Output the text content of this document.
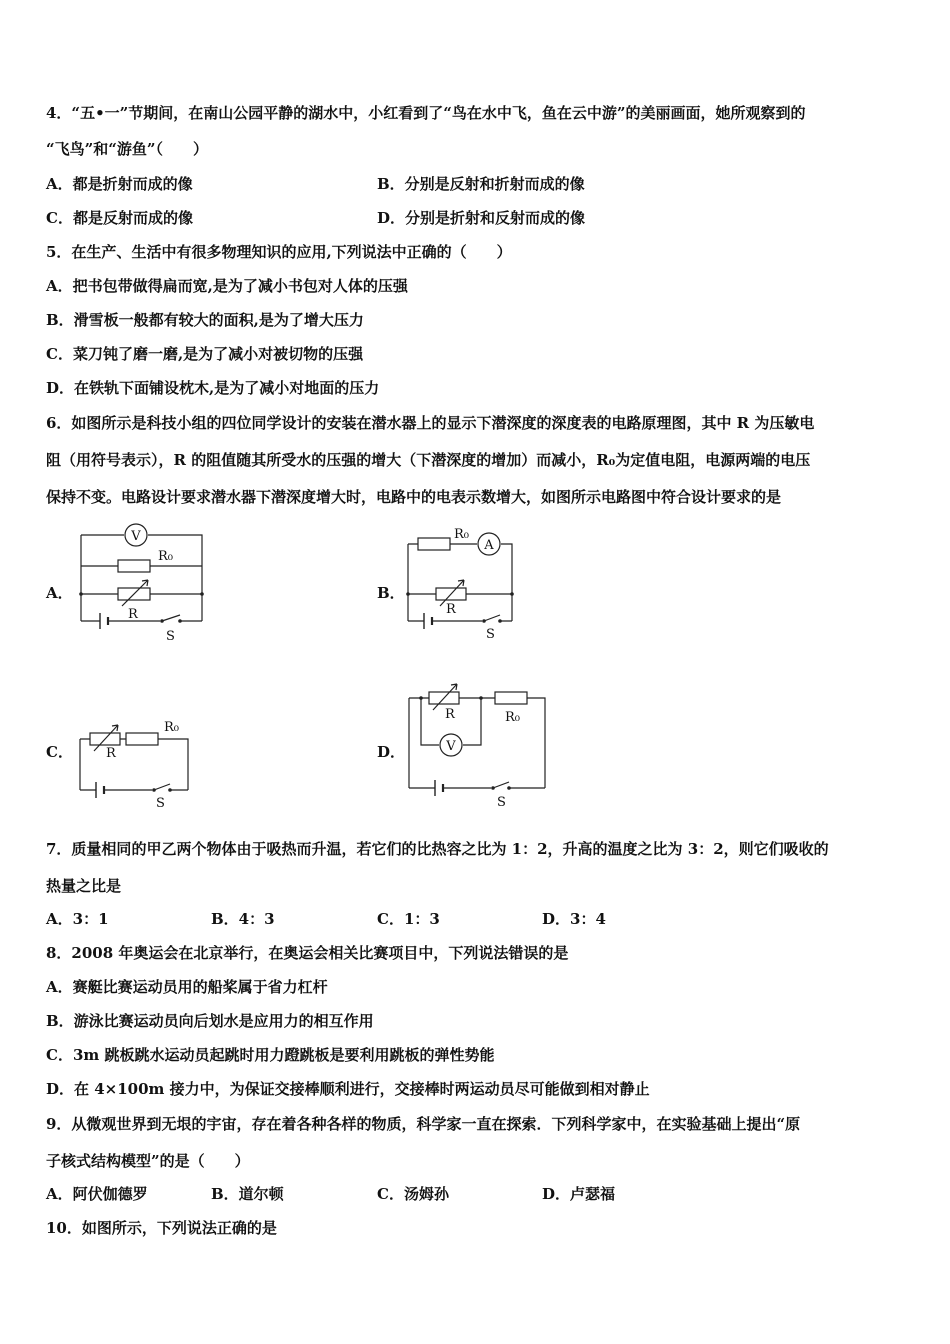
4．“五•一”节期间，在南山公园平静的湖水中，小红看到了“鸟在水中飞，鱼在云中游”的美丽画面，她所观察到的
“飞鸟”和“游鱼”（　　）
A．都是折射而成的像	B．分别是反射和折射而成的像
C．都是反射而成的像	D．分别是折射和反射而成的像
5．在生产、生活中有很多物理知识的应用,下列说法中正确的（　　）
A．把书包带做得扁而宽,是为了减小书包对人体的压强
B．滑雪板一般都有较大的面积,是为了增大压力
C．菜刀钝了磨一磨,是为了减小对被切物的压强
D．在铁轨下面铺设枕木,是为了减小对地面的压力
6．如图所示是科技小组的四位同学设计的安装在潜水器上的显示下潜深度的深度表的电路原理图，其中 R 为压敏电
阻（用符号表示），R 的阻值随其所受水的压强的增大（下潜深度的增加）而减小，R₀为定值电阻，电源两端的电压
保持不变。电路设计要求潜水器下潜深度增大时，电路中的电表示数增大，如图所示电路图中符合设计要求的是
A．	B．
C．	D．
V
R₀
R
S
R₀
A
R
S
R
R₀
S
R	R₀
V
S
7．质量相同的甲乙两个物体由于吸热而升温，若它们的比热容之比为 1：2，升高的温度之比为 3：2，则它们吸收的
热量之比是
A．3：1	B．4：3	C．1：3	D．3：4
8．2008 年奥运会在北京举行，在奥运会相关比赛项目中，下列说法错误的是
A．赛艇比赛运动员用的船桨属于省力杠杆
B．游泳比赛运动员向后划水是应用力的相互作用
C．3m 跳板跳水运动员起跳时用力蹬跳板是要利用跳板的弹性势能
D．在 4×100m 接力中，为保证交接棒顺利进行，交接棒时两运动员尽可能做到相对静止
9．从微观世界到无垠的宇宙，存在着各种各样的物质，科学家一直在探索．下列科学家中，在实验基础上提出“原
子核式结构模型”的是（　　）
A．阿伏伽德罗	B．道尔顿	C．汤姆孙	D．卢瑟福
10．如图所示，下列说法正确的是
